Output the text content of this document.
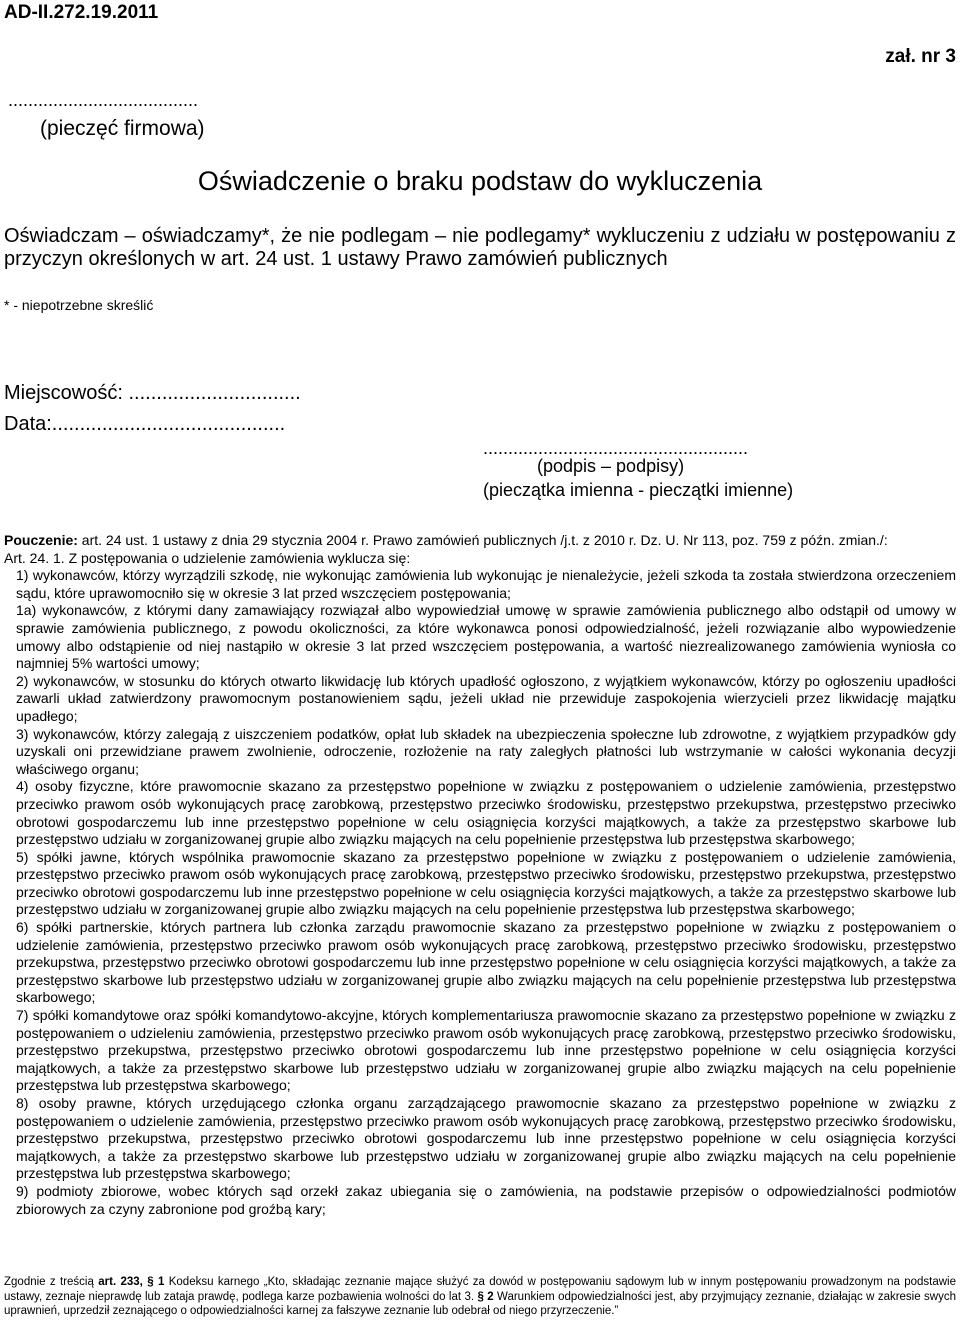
AD-II.272.19.2011
zał. nr 3
......................................
(pieczęć firmowa)
Oświadczenie o braku podstaw do wykluczenia
Oświadczam – oświadczamy*, że nie podlegam – nie podlegamy* wykluczeniu z udziału w postępowaniu z przyczyn określonych w art. 24 ust. 1 ustawy Prawo zamówień publicznych
* - niepotrzebne skreślić
Miejscowość: ...............................
Data:..........................................
.....................................................
(podpis – podpisy)
(pieczątka imienna - pieczątki imienne)

Pouczenie: art. 24 ust. 1 ustawy z dnia 29 stycznia 2004 r. Prawo zamówień publicznych /j.t. z 2010 r. Dz. U. Nr 113, poz. 759 z późn. zmian./:

Art. 24. 1. Z postępowania o udzielenie zamówienia wyklucza się:

1) wykonawców, którzy wyrządzili szkodę, nie wykonując zamówienia lub wykonując je nienależycie, jeżeli szkoda ta została stwierdzona orzeczeniem sądu, które uprawomocniło się w okresie 3 lat przed wszczęciem postępowania;

1a) wykonawców, z którymi dany zamawiający rozwiązał albo wypowiedział umowę w sprawie zamówienia publicznego albo odstąpił od umowy w sprawie zamówienia publicznego, z powodu okoliczności, za które wykonawca ponosi odpowiedzialność, jeżeli rozwiązanie albo wypowiedzenie umowy albo odstąpienie od niej nastąpiło w okresie 3 lat przed wszczęciem postępowania, a wartość niezrealizowanego zamówienia wyniosła co najmniej 5% wartości umowy;

2) wykonawców, w stosunku do których otwarto likwidację lub których upadłość ogłoszono, z wyjątkiem wykonawców, którzy po ogłoszeniu upadłości zawarli układ zatwierdzony prawomocnym postanowieniem sądu, jeżeli układ nie przewiduje zaspokojenia wierzycieli przez likwidację majątku upadłego;

3) wykonawców, którzy zalegają z uiszczeniem podatków, opłat lub składek na ubezpieczenia społeczne lub zdrowotne, z wyjątkiem przypadków gdy uzyskali oni przewidziane prawem zwolnienie, odroczenie, rozłożenie na raty zaległych płatności lub wstrzymanie w całości wykonania decyzji właściwego organu;

4) osoby fizyczne, które prawomocnie skazano za przestępstwo popełnione w związku z postępowaniem o udzielenie zamówienia, przestępstwo przeciwko prawom osób wykonujących pracę zarobkową, przestępstwo przeciwko środowisku, przestępstwo przekupstwa, przestępstwo przeciwko obrotowi gospodarczemu lub inne przestępstwo popełnione w celu osiągnięcia korzyści majątkowych, a także za przestępstwo skarbowe lub przestępstwo udziału w zorganizowanej grupie albo związku mających na celu popełnienie przestępstwa lub przestępstwa skarbowego;

5) spółki jawne, których wspólnika prawomocnie skazano za przestępstwo popełnione w związku z postępowaniem o udzielenie zamówienia, przestępstwo przeciwko prawom osób wykonujących pracę zarobkową, przestępstwo przeciwko środowisku, przestępstwo przekupstwa, przestępstwo przeciwko obrotowi gospodarczemu lub inne przestępstwo popełnione w celu osiągnięcia korzyści majątkowych, a także za przestępstwo skarbowe lub przestępstwo udziału w zorganizowanej grupie albo związku mających na celu popełnienie przestępstwa lub przestępstwa skarbowego;

6) spółki partnerskie, których partnera lub członka zarządu prawomocnie skazano za przestępstwo popełnione w związku z postępowaniem o udzielenie zamówienia, przestępstwo przeciwko prawom osób wykonujących pracę zarobkową, przestępstwo przeciwko środowisku, przestępstwo przekupstwa, przestępstwo przeciwko obrotowi gospodarczemu lub inne przestępstwo popełnione w celu osiągnięcia korzyści majątkowych, a także za przestępstwo skarbowe lub przestępstwo udziału w zorganizowanej grupie albo związku mających na celu popełnienie przestępstwa lub przestępstwa skarbowego;

7) spółki komandytowe oraz spółki komandytowo-akcyjne, których komplementariusza prawomocnie skazano za przestępstwo popełnione w związku z postępowaniem o udzieleniu zamówienia, przestępstwo przeciwko prawom osób wykonujących pracę zarobkową, przestępstwo przeciwko środowisku, przestępstwo przekupstwa, przestępstwo przeciwko obrotowi gospodarczemu lub inne przestępstwo popełnione w celu osiągnięcia korzyści majątkowych, a także za przestępstwo skarbowe lub przestępstwo udziału w zorganizowanej grupie albo związku mających na celu popełnienie przestępstwa lub przestępstwa skarbowego;

8) osoby prawne, których urzędującego członka organu zarządzającego prawomocnie skazano za przestępstwo popełnione w związku z postępowaniem o udzielenie zamówienia, przestępstwo przeciwko prawom osób wykonujących pracę zarobkową, przestępstwo przeciwko środowisku, przestępstwo przekupstwa, przestępstwo przeciwko obrotowi gospodarczemu lub inne przestępstwo popełnione w celu osiągnięcia korzyści majątkowych, a także za przestępstwo skarbowe lub przestępstwo udziału w zorganizowanej grupie albo związku mających na celu popełnienie przestępstwa lub przestępstwa skarbowego;

9) podmioty zbiorowe, wobec których sąd orzekł zakaz ubiegania się o zamówienia, na podstawie przepisów o odpowiedzialności podmiotów zbiorowych za czyny zabronione pod groźbą kary;

Zgodnie z treścią art. 233, § 1 Kodeksu karnego „Kto, składając zeznanie mające służyć za dowód w postępowaniu sądowym lub w innym postępowaniu prowadzonym na podstawie ustawy, zeznaje nieprawdę lub zataja prawdę, podlega karze pozbawienia wolności do lat 3. § 2 Warunkiem odpowiedzialności jest, aby przyjmujący zeznanie, działając w zakresie swych uprawnień, uprzedził zeznającego o odpowiedzialności karnej za fałszywe zeznanie lub odebrał od niego przyrzeczenie.”
